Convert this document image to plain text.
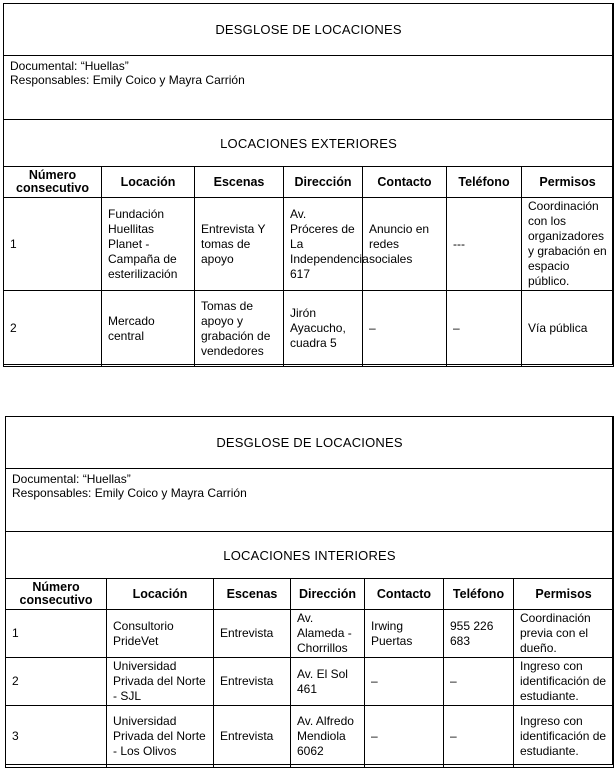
DESGLOSE DE LOCACIONES						

Documental: “Huellas”
Responsables: Emily Coico y Mayra Carrión						

LOCACIONES EXTERIORES						
Número consecutivo	Locación	Escenas	Dirección	Contacto	Teléfono	Permisos
1	Fundación Huellitas Planet - Campaña de esterilización	Entrevista Y tomas de apoyo	Av. Próceres de La Independencia 617	Anuncio en redes sociales	---	Coordinación con los organizadores y grabación en espacio público.
2	Mercado central	Tomas de apoyo y grabación de vendedores	Jirón Ayacucho, cuadra 5	–	–	Vía pública
DESGLOSE DE LOCACIONES						

Documental: “Huellas”
Responsables: Emily Coico y Mayra Carrión						

LOCACIONES INTERIORES						
Número consecutivo	Locación	Escenas	Dirección	Contacto	Teléfono	Permisos
1	Consultorio PrideVet	Entrevista	Av. Alameda - Chorrillos	Irwing Puertas	955 226 683	Coordinación previa con el dueño.
2	Universidad Privada del Norte - SJL	Entrevista	Av. El Sol 461	–	–	Ingreso con identificación de estudiante.
3	Universidad Privada del Norte - Los Olivos	Entrevista	Av. Alfredo Mendiola 6062	–	–	Ingreso con identificación de estudiante.
